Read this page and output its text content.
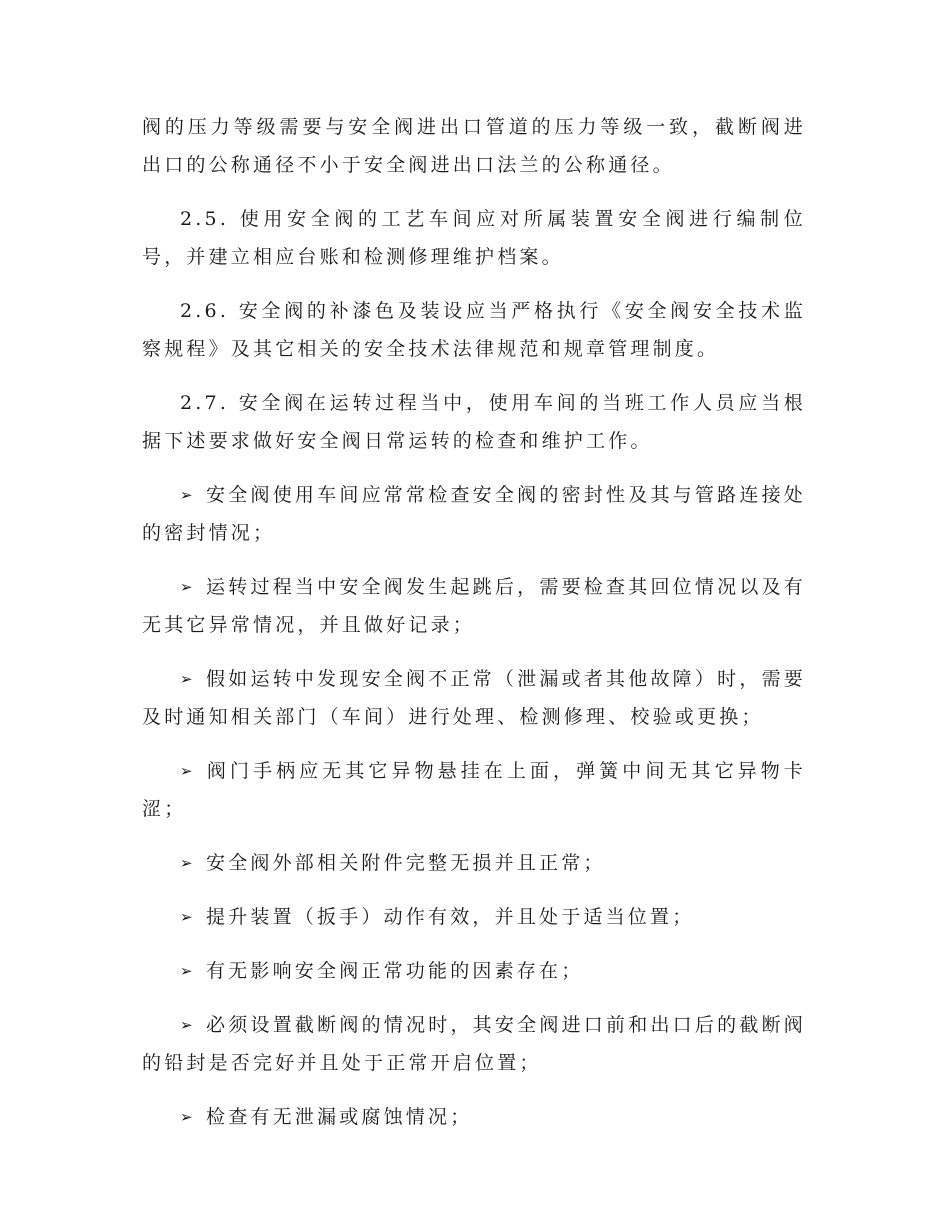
阀的压力等级需要与安全阀进出口管道的压力等级一致，截断阀进出口的公称通径不小于安全阀进出口法兰的公称通径。

2.5. 使用安全阀的工艺车间应对所属装置安全阀进行编制位号，并建立相应台账和检测修理维护档案。

2.6. 安全阀的补漆色及装设应当严格执行《安全阀安全技术监察规程》及其它相关的安全技术法律规范和规章管理制度。

2.7. 安全阀在运转过程当中，使用车间的当班工作人员应当根据下述要求做好安全阀日常运转的检查和维护工作。

➢ 安全阀使用车间应常常检查安全阀的密封性及其与管路连接处的密封情况；

➢ 运转过程当中安全阀发生起跳后，需要检查其回位情况以及有无其它异常情况，并且做好记录；

➢ 假如运转中发现安全阀不正常（泄漏或者其他故障）时，需要及时通知相关部门（车间）进行处理、检测修理、校验或更换；

➢ 阀门手柄应无其它异物悬挂在上面，弹簧中间无其它异物卡涩；

➢ 安全阀外部相关附件完整无损并且正常；

➢ 提升装置（扳手）动作有效，并且处于适当位置；

➢ 有无影响安全阀正常功能的因素存在；

➢ 必须设置截断阀的情况时，其安全阀进口前和出口后的截断阀的铅封是否完好并且处于正常开启位置；

➢ 检查有无泄漏或腐蚀情况；
